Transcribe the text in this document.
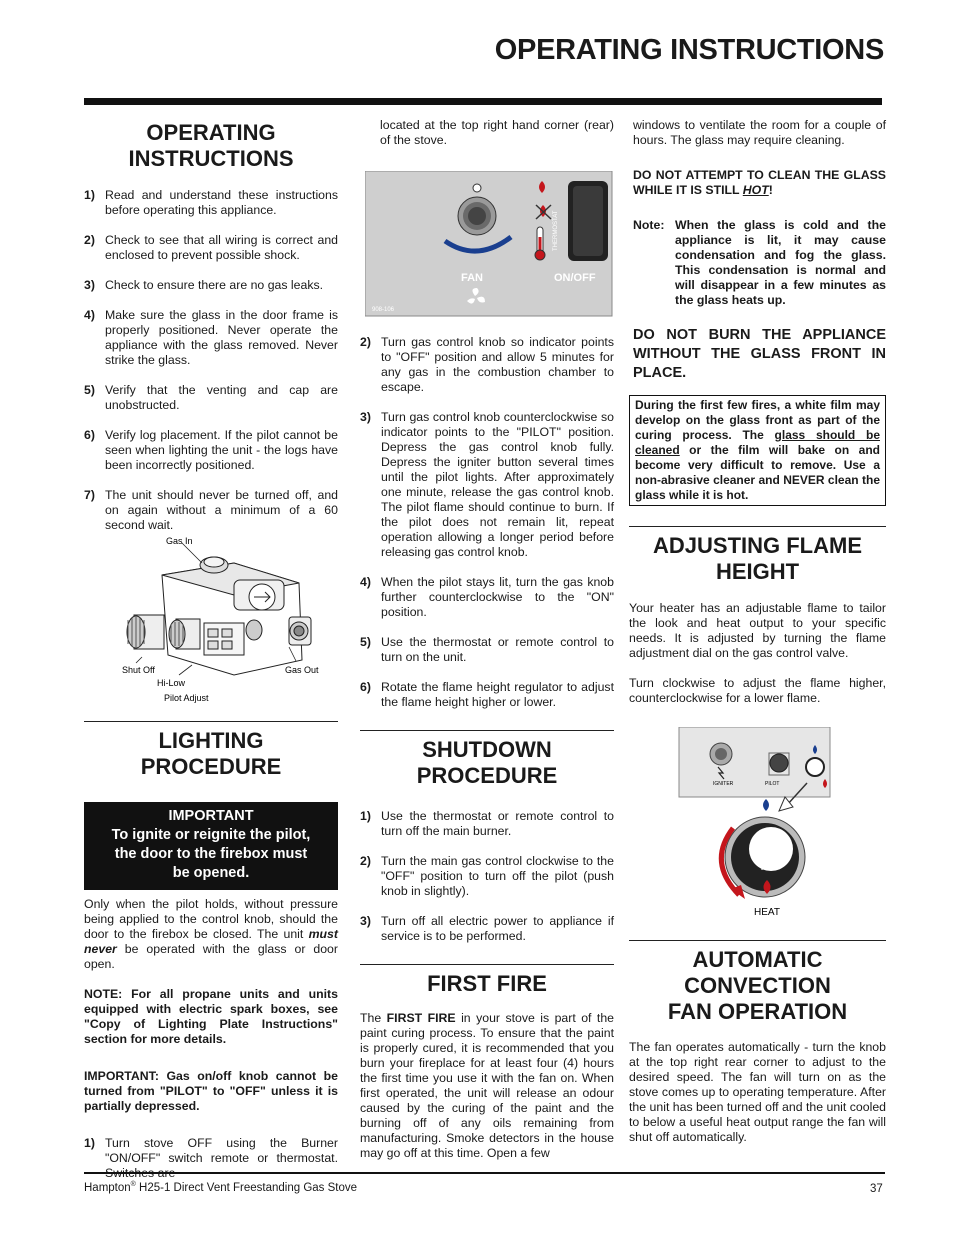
OPERATING INSTRUCTIONS
OPERATING
INSTRUCTIONS
1) Read and understand these instructions before operating this appliance.
2) Check to see that all wiring is correct and enclosed to prevent possible shock.
3) Check to ensure there are no gas leaks.
4) Make sure the glass in the door frame is properly positioned. Never operate the appliance with the glass removed. Never strike the glass.
5) Verify that the venting and cap are unobstructed.
6) Verify log placement. If the pilot cannot be seen when lighting the unit - the logs have been incorrectly positioned.
7) The unit should never be turned off, and on again without a minimum of a 60 second wait.
Gas In
Shut Off
Hi-Low
Pilot Adjust
Gas Out
LIGHTING
PROCEDURE
IMPORTANT
To ignite or reignite the pilot,
the door to the firebox must
be opened.
Only when the pilot holds, without pressure being applied to the control knob, should the door to the firebox be closed. The unit must never be operated with the glass or door open.
NOTE: For all propane units and units equipped with electric spark boxes, see "Copy of Lighting Plate Instructions" section for more details.
IMPORTANT: Gas on/off knob cannot be turned from "PILOT" to "OFF" unless it is partially depressed.
1) Turn stove OFF using the Burner "ON/OFF" switch remote or thermostat.
located at the top right hand corner (rear) of the stove.
THERMOSTAT
FAN	ON/OFF
908-106
2) Turn gas control knob so indicator points to "OFF" position and allow 5 minutes for any gas in the combustion chamber to escape.
3) Turn gas control knob counterclockwise so indicator points to the "PILOT" position. Depress the gas control knob fully. Depress the igniter button several times until the pilot lights. After approximately one minute, release the gas control knob. The pilot flame should continue to burn. If the pilot does not remain lit, repeat operation allowing a longer period before releasing gas control knob.
4) When the pilot stays lit, turn the gas knob further counterclockwise to the "ON" position.
5) Use the thermostat or remote control to turn on the unit.
6) Rotate the flame height regulator to adjust the flame height higher or lower.
SHUTDOWN
PROCEDURE
1) Use the thermostat or remote control to turn off the main burner.
2) Turn the main gas control clockwise to the "OFF" position to turn off the pilot (push knob in slightly).
3) Turn off all electric power to appliance if service is to be performed.
FIRST FIRE
The FIRST FIRE in your stove is part of the paint curing process. To ensure that the paint is properly cured, it is recommended that you burn your fireplace for at least four (4) hours the first time you use it with the fan on. When first operated, the unit will release an odour caused by the curing of the paint and the burning off of any oils remaining from manufacturing. Smoke detectors in the house may go off at this time. Open a few
windows to ventilate the room for a couple of hours. The glass may require cleaning.
DO NOT ATTEMPT TO CLEAN THE GLASS WHILE IT IS STILL HOT!
Note: When the glass is cold and the appliance is lit, it may cause condensation and fog the glass. This condensation is normal and will disappear in a few minutes as the glass heats up.
DO NOT BURN THE APPLIANCE WITHOUT THE GLASS FRONT IN PLACE.
During the first few fires, a white film may develop on the glass front as part of the curing process. The glass should be cleaned or the film will bake on and become very difficult to remove. Use a non-abrasive cleaner and NEVER clean the glass while it is hot.
ADJUSTING FLAME
HEIGHT
Your heater has an adjustable flame to tailor the look and heat output to your specific needs. It is adjusted by turning the flame adjustment dial on the gas control valve.
Turn clockwise to adjust the flame higher, counterclockwise for a lower flame.
IGNITER	PILOT
LO
HI
HEAT
AUTOMATIC
CONVECTION
FAN OPERATION
The fan operates automatically - turn the knob at the top right rear corner to adjust to the desired speed. The fan will turn on as the stove comes up to operating temperature. After the unit has been turned off and the unit cooled to below a useful heat output range the fan will shut off automatically.
Hampton® H25-1 Direct Vent Freestanding Gas Stove	37
